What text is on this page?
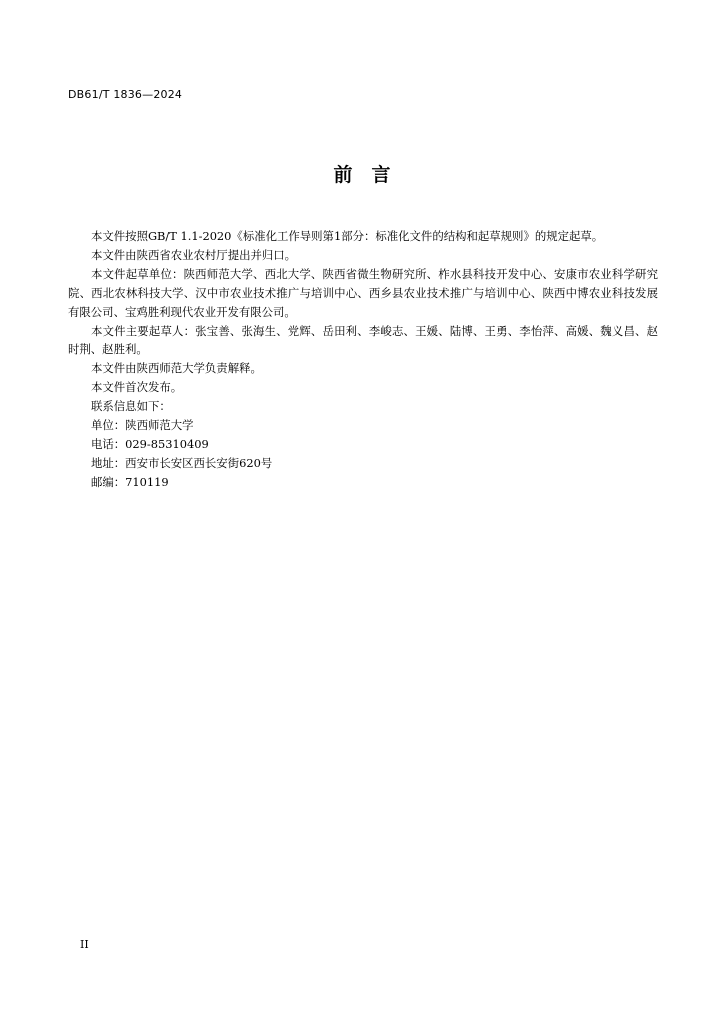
DB61/T 1836—2024
前　言

本文件按照GB/T 1.1-2020《标准化工作导则第1部分：标准化文件的结构和起草规则》的规定起草。

本文件由陕西省农业农村厅提出并归口。

本文件起草单位：陕西师范大学、西北大学、陕西省微生物研究所、柞水县科技开发中心、安康市农业科学研究院、西北农林科技大学、汉中市农业技术推广与培训中心、西乡县农业技术推广与培训中心、陕西中博农业科技发展有限公司、宝鸡胜利现代农业开发有限公司。

本文件主要起草人：张宝善、张海生、党辉、岳田利、李峻志、王媛、陆博、王勇、李怡萍、高媛、魏义昌、赵时荆、赵胜利。

本文件由陕西师范大学负责解释。

本文件首次发布。

联系信息如下：

单位：陕西师范大学

电话：029-85310409

地址：西安市长安区西长安街620号

邮编：710119

II
